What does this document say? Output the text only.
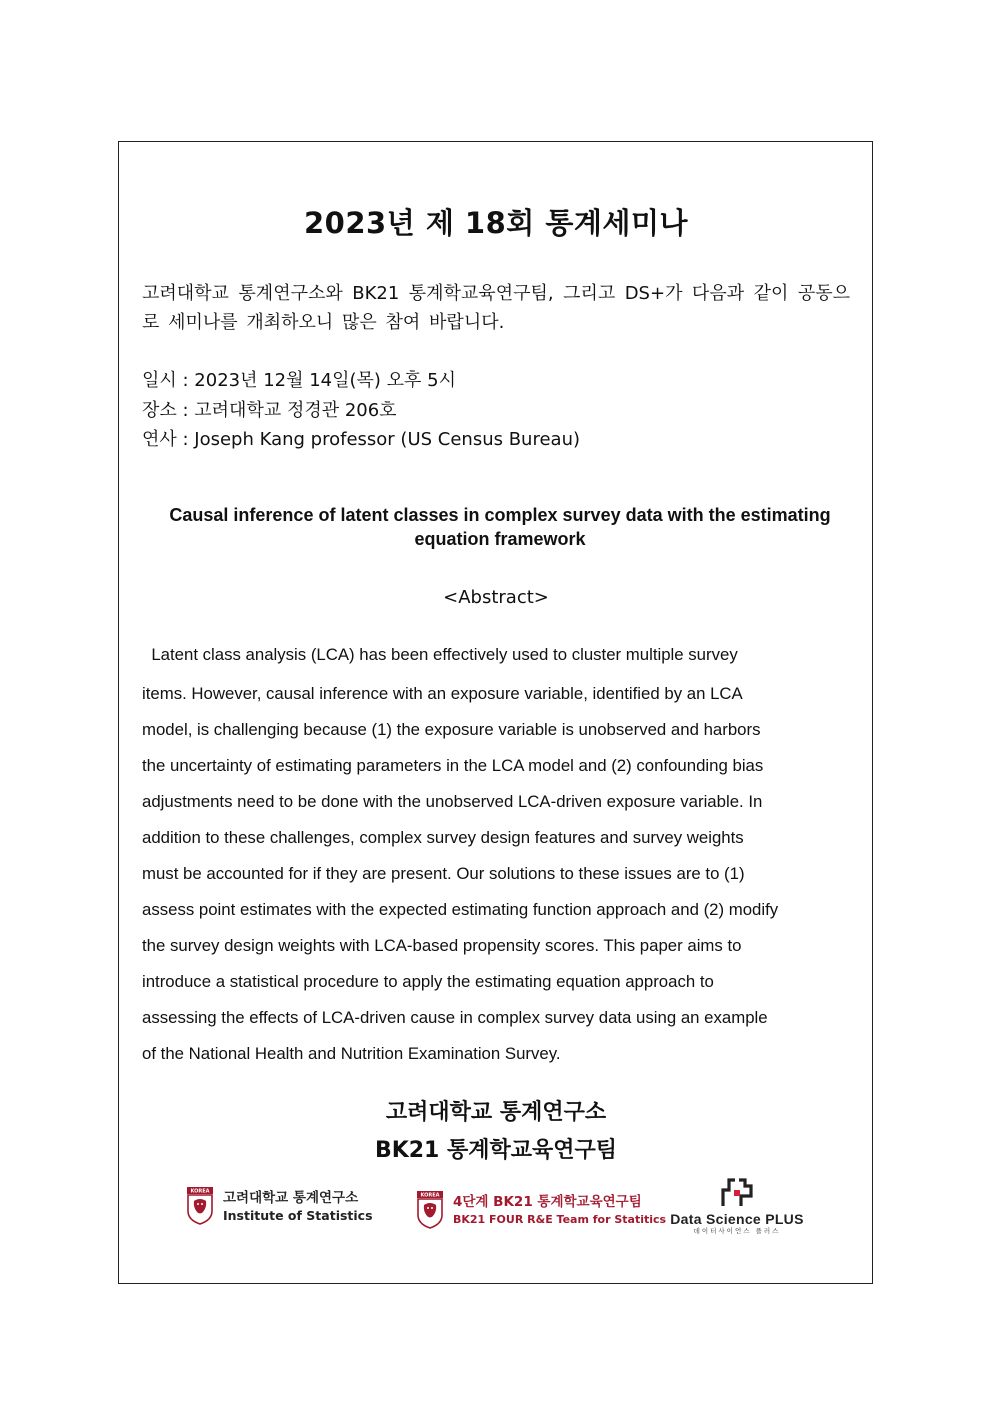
2023년 제 18회 통계세미나
고려대학교 통계연구소와 BK21 통계학교육연구팀, 그리고 DS+가 다음과 같이 공동으로 세미나를 개최하오니 많은 참여 바랍니다.
일시 : 2023년 12월 14일(목) 오후 5시
장소 : 고려대학교 정경관 206호
연사 : Joseph Kang professor (US Census Bureau)
Causal inference of latent classes in complex survey data with the estimating equation framework
<Abstract>
Latent class analysis (LCA) has been effectively used to cluster multiple survey
items. However, causal inference with an exposure variable, identified by an LCA
model, is challenging because (1) the exposure variable is unobserved and harbors
the uncertainty of estimating parameters in the LCA model and (2) confounding bias
adjustments need to be done with the unobserved LCA-driven exposure variable. In
addition to these challenges, complex survey design features and survey weights
must be accounted for if they are present. Our solutions to these issues are to (1)
assess point estimates with the expected estimating function approach and (2) modify
the survey design weights with LCA-based propensity scores. This paper aims to
introduce a statistical procedure to apply the estimating equation approach to
assessing the effects of LCA-driven cause in complex survey data using an example
of the National Health and Nutrition Examination Survey.
고려대학교 통계연구소
BK21 통계학교육연구팀
KOREA 고려대학교 통계연구소
Institute of Statistics
KOREA 4단계 BK21 통계학교육연구팀
BK21 FOUR R&E Team for Statitics Data Science PLUS
데이터사이언스 플러스
